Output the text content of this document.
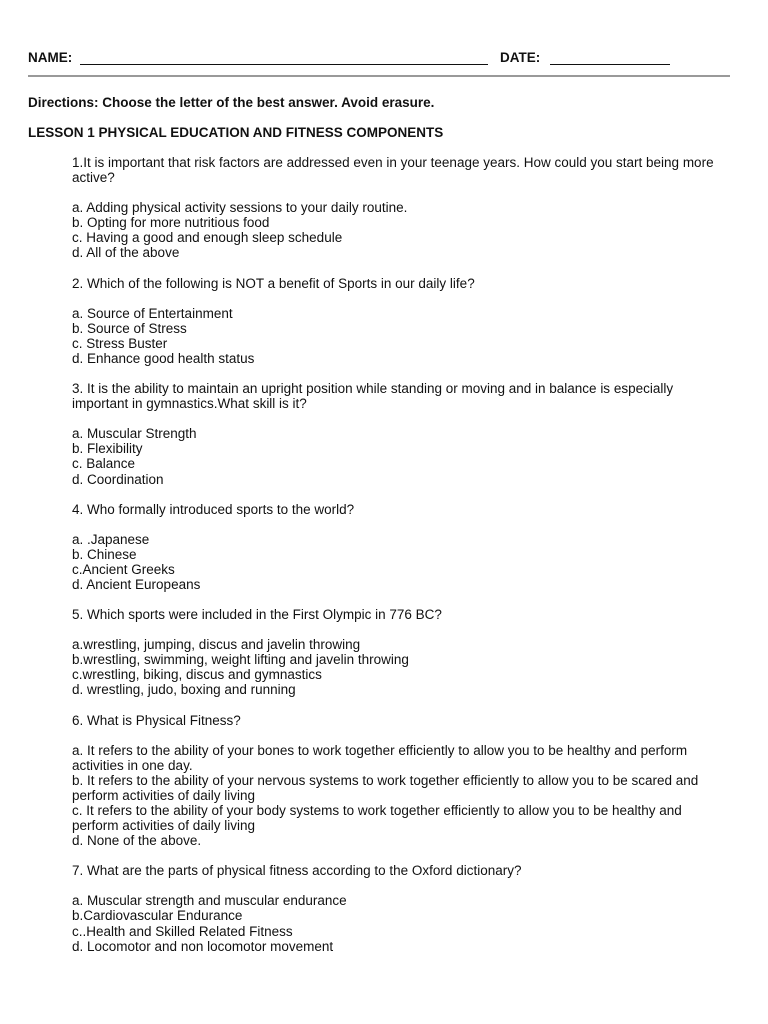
NAME:	DATE:
Directions: Choose the letter of the best answer. Avoid erasure.
LESSON 1 PHYSICAL EDUCATION AND FITNESS COMPONENTS
1.It is important that risk factors are addressed even in your teenage years. How could you start being more active?
a. Adding physical activity sessions to your daily routine.
b. Opting for more nutritious food
c. Having a good and enough sleep schedule
d. All of the above
2. Which of the following is NOT a benefit of Sports in our daily life?
a. Source of Entertainment
b. Source of Stress
c. Stress Buster
d. Enhance good health status
3. It is the ability to maintain an upright position while standing or moving and in balance is especially important in gymnastics.What skill is it?
a. Muscular Strength
b. Flexibility
c. Balance
d. Coordination
4. Who formally introduced sports to the world?
a. .Japanese
b. Chinese
c.Ancient Greeks
d. Ancient Europeans
5. Which sports were included in the First Olympic in 776 BC?
a.wrestling, jumping, discus and javelin throwing
b.wrestling, swimming, weight lifting and javelin throwing
c.wrestling, biking, discus and gymnastics
d. wrestling, judo, boxing and running
6. What is Physical Fitness?
a. It refers to the ability of your bones to work together efficiently to allow you to be healthy and perform activities in one day.
b. It refers to the ability of your nervous systems to work together efficiently to allow you to be scared and perform activities of daily living
c. It refers to the ability of your body systems to work together efficiently to allow you to be healthy and perform activities of daily living
d. None of the above.
7. What are the parts of physical fitness according to the Oxford dictionary?
a. Muscular strength and muscular endurance
b.Cardiovascular Endurance
c..Health and Skilled Related Fitness
d. Locomotor and non locomotor movement
